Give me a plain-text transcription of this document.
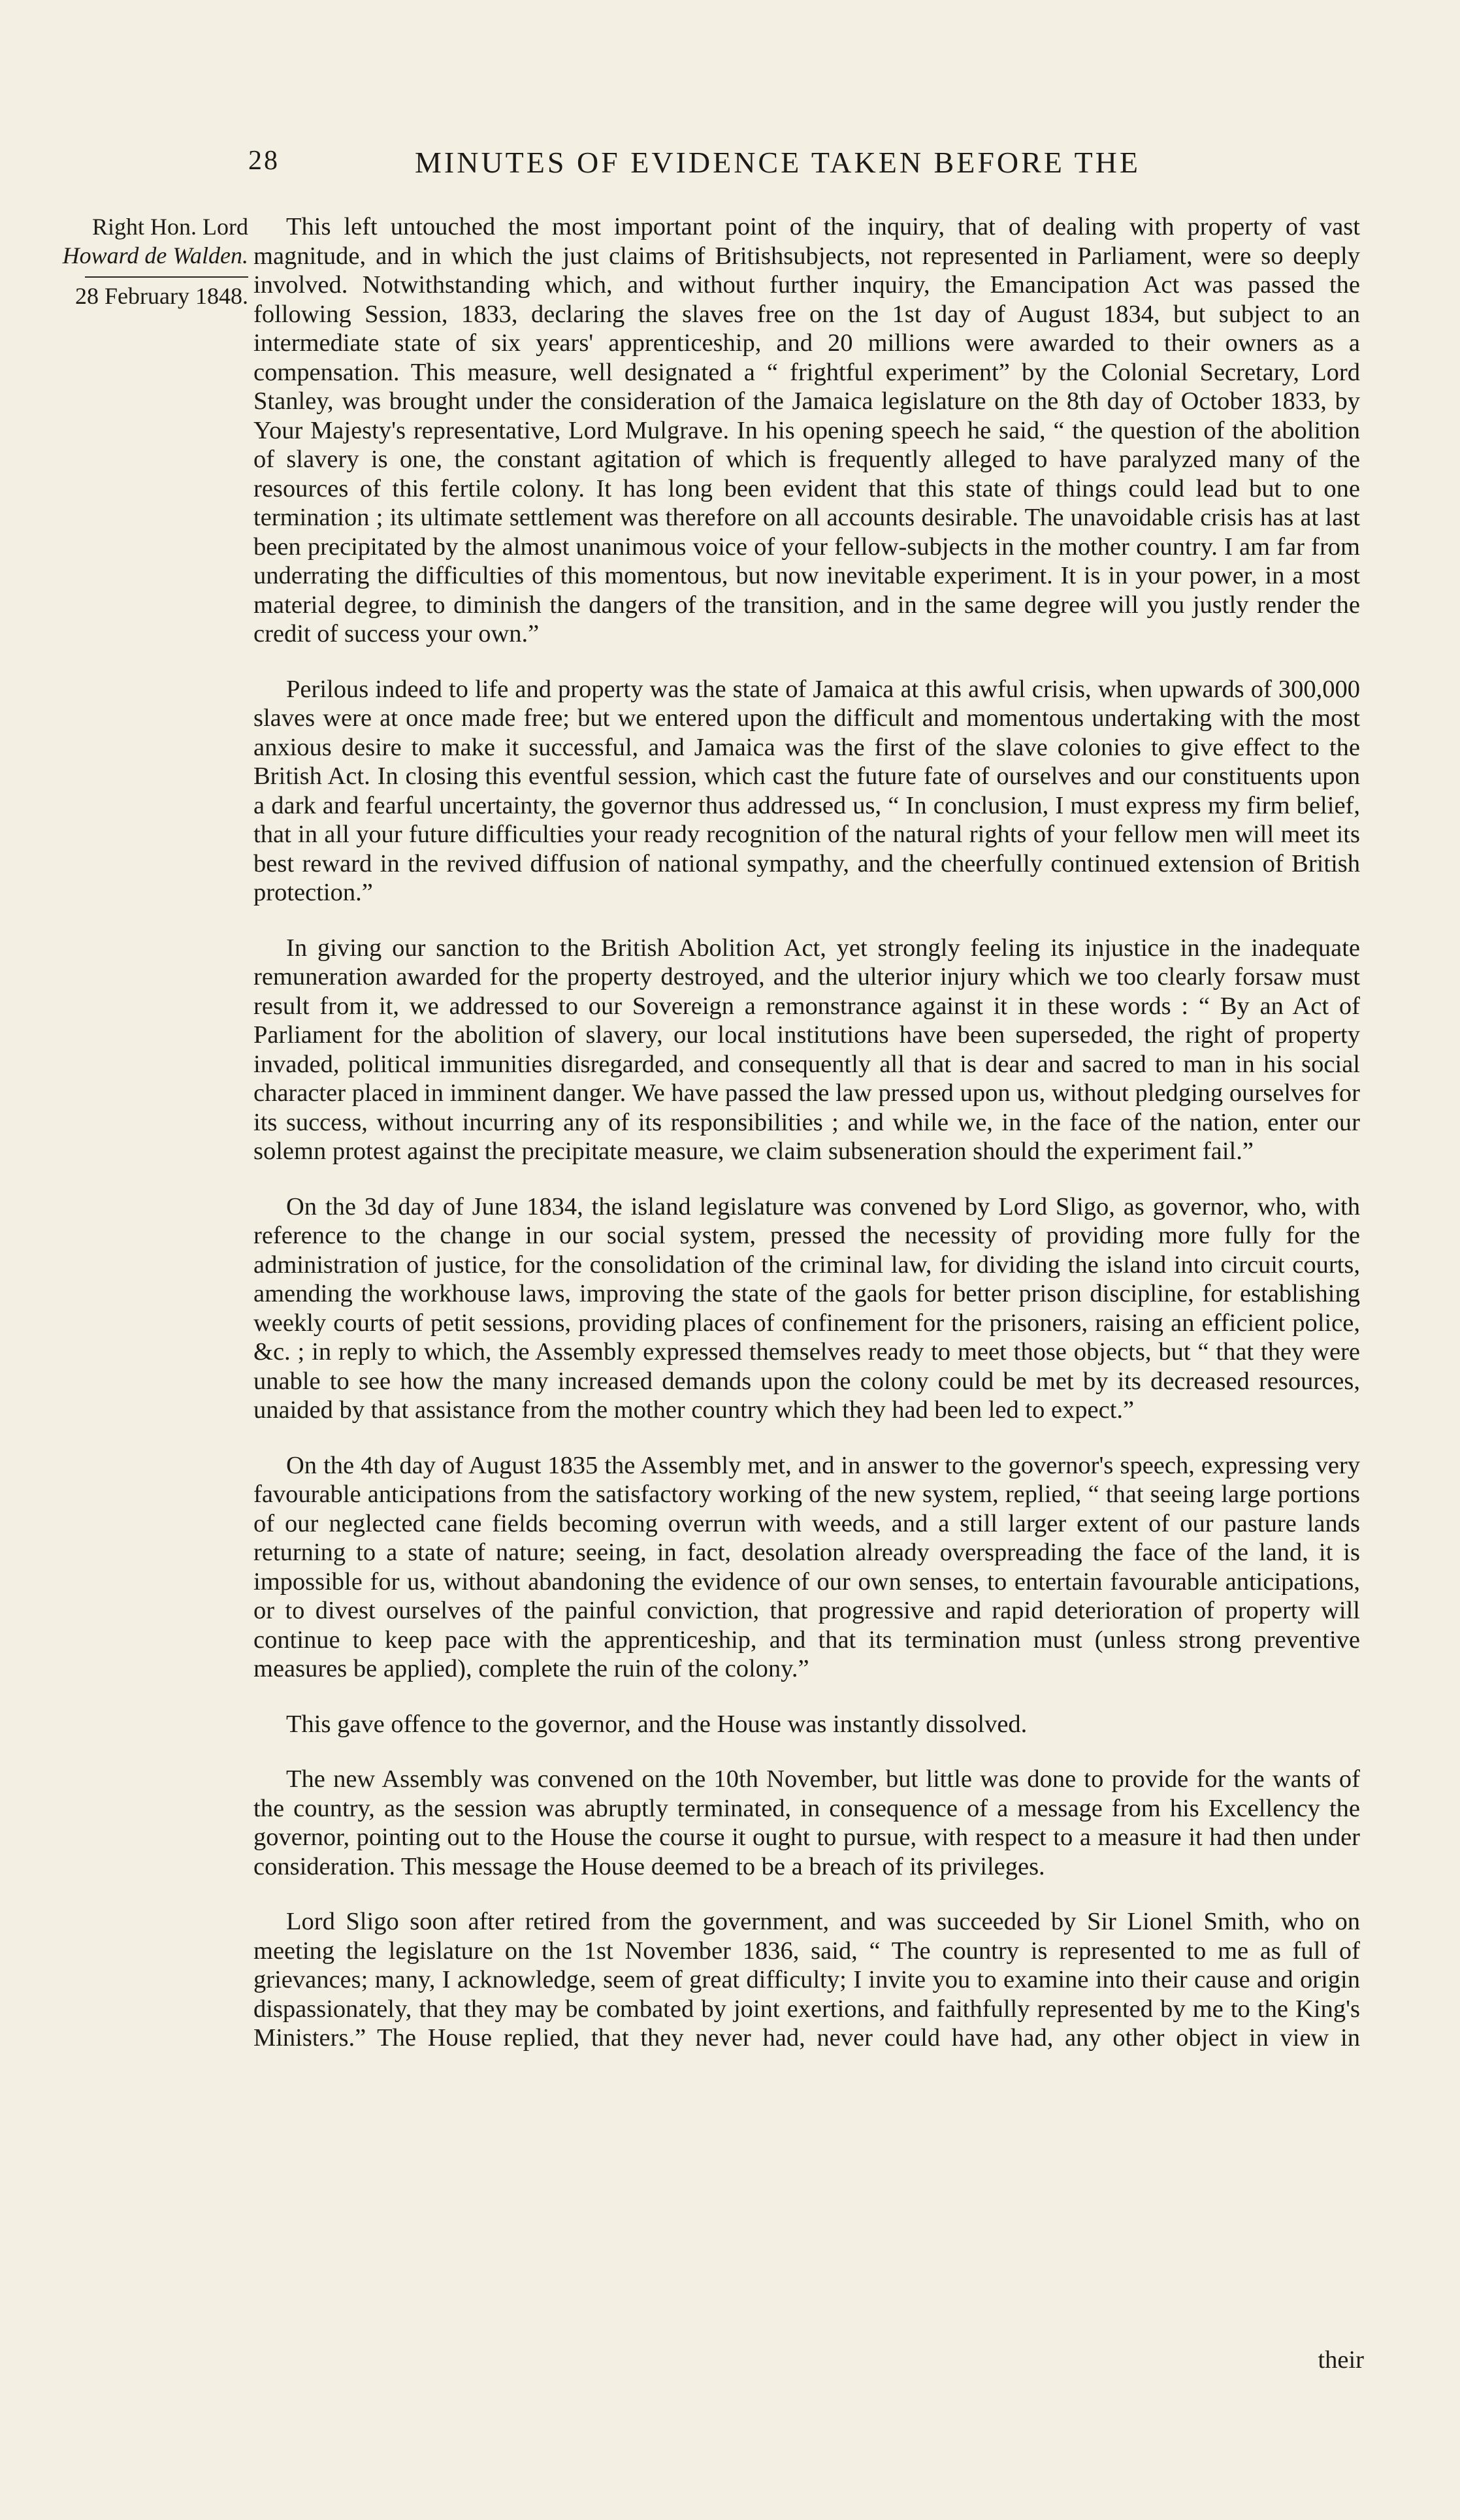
28	MINUTES OF EVIDENCE TAKEN BEFORE THE
Right Hon. Lord
Howard de Walden.
28 February 1848.

This left untouched the most important point of the inquiry, that of dealing with property of vast magnitude, and in which the just claims of Britishsubjects, not represented in Parliament, were so deeply involved. Notwithstanding which, and without further inquiry, the Emancipation Act was passed the following Session, 1833, declaring the slaves free on the 1st day of August 1834, but subject to an intermediate state of six years' apprenticeship, and 20 millions were awarded to their owners as a compensation. This measure, well designated a “ frightful experiment” by the Colonial Secretary, Lord Stanley, was brought under the consideration of the Jamaica legislature on the 8th day of October 1833, by Your Majesty's representative, Lord Mulgrave. In his opening speech he said, “ the question of the abolition of slavery is one, the constant agitation of which is frequently alleged to have paralyzed many of the resources of this fertile colony. It has long been evident that this state of things could lead but to one termination ; its ultimate settlement was therefore on all accounts desirable. The unavoidable crisis has at last been precipitated by the almost unanimous voice of your fellow-subjects in the mother country. I am far from underrating the difficulties of this momentous, but now inevitable experiment. It is in your power, in a most material degree, to diminish the dangers of the transition, and in the same degree will you justly render the credit of success your own.”

Perilous indeed to life and property was the state of Jamaica at this awful crisis, when upwards of 300,000 slaves were at once made free; but we entered upon the difficult and momentous undertaking with the most anxious desire to make it successful, and Jamaica was the first of the slave colonies to give effect to the British Act. In closing this eventful session, which cast the future fate of ourselves and our constituents upon a dark and fearful uncertainty, the governor thus addressed us, “ In conclusion, I must express my firm belief, that in all your future difficulties your ready recognition of the natural rights of your fellow men will meet its best reward in the revived diffusion of national sympathy, and the cheerfully continued extension of British protection.”

In giving our sanction to the British Abolition Act, yet strongly feeling its injustice in the inadequate remuneration awarded for the property destroyed, and the ulterior injury which we too clearly forsaw must result from it, we addressed to our Sovereign a remonstrance against it in these words : “ By an Act of Parliament for the abolition of slavery, our local institutions have been superseded, the right of property invaded, political immunities disregarded, and consequently all that is dear and sacred to man in his social character placed in imminent danger. We have passed the law pressed upon us, without pledging ourselves for its success, without incurring any of its responsibilities ; and while we, in the face of the nation, enter our solemn protest against the precipitate measure, we claim subseneration should the experiment fail.”

On the 3d day of June 1834, the island legislature was convened by Lord Sligo, as governor, who, with reference to the change in our social system, pressed the necessity of providing more fully for the administration of justice, for the consolidation of the criminal law, for dividing the island into circuit courts, amending the workhouse laws, improving the state of the gaols for better prison discipline, for establishing weekly courts of petit sessions, providing places of confinement for the prisoners, raising an efficient police, &c. ; in reply to which, the Assembly expressed themselves ready to meet those objects, but “ that they were unable to see how the many increased demands upon the colony could be met by its decreased resources, unaided by that assistance from the mother country which they had been led to expect.”

On the 4th day of August 1835 the Assembly met, and in answer to the governor's speech, expressing very favourable anticipations from the satisfactory working of the new system, replied, “ that seeing large portions of our neglected cane fields becoming overrun with weeds, and a still larger extent of our pasture lands returning to a state of nature; seeing, in fact, desolation already overspreading the face of the land, it is impossible for us, without abandoning the evidence of our own senses, to entertain favourable anticipations, or to divest ourselves of the painful conviction, that progressive and rapid deterioration of property will continue to keep pace with the apprenticeship, and that its termination must (unless strong preventive measures be applied), complete the ruin of the colony.”

This gave offence to the governor, and the House was instantly dissolved.

The new Assembly was convened on the 10th November, but little was done to provide for the wants of the country, as the session was abruptly terminated, in consequence of a message from his Excellency the governor, pointing out to the House the course it ought to pursue, with respect to a measure it had then under consideration. This message the House deemed to be a breach of its privileges.

Lord Sligo soon after retired from the government, and was succeeded by Sir Lionel Smith, who on meeting the legislature on the 1st November 1836, said, “ The country is represented to me as full of grievances; many, I acknowledge, seem of great difficulty; I invite you to examine into their cause and origin dispassionately, that they may be combated by joint exertions, and faithfully represented by me to the King's Ministers.” The House replied, that they never had, never could have had, any other object in view in

their
